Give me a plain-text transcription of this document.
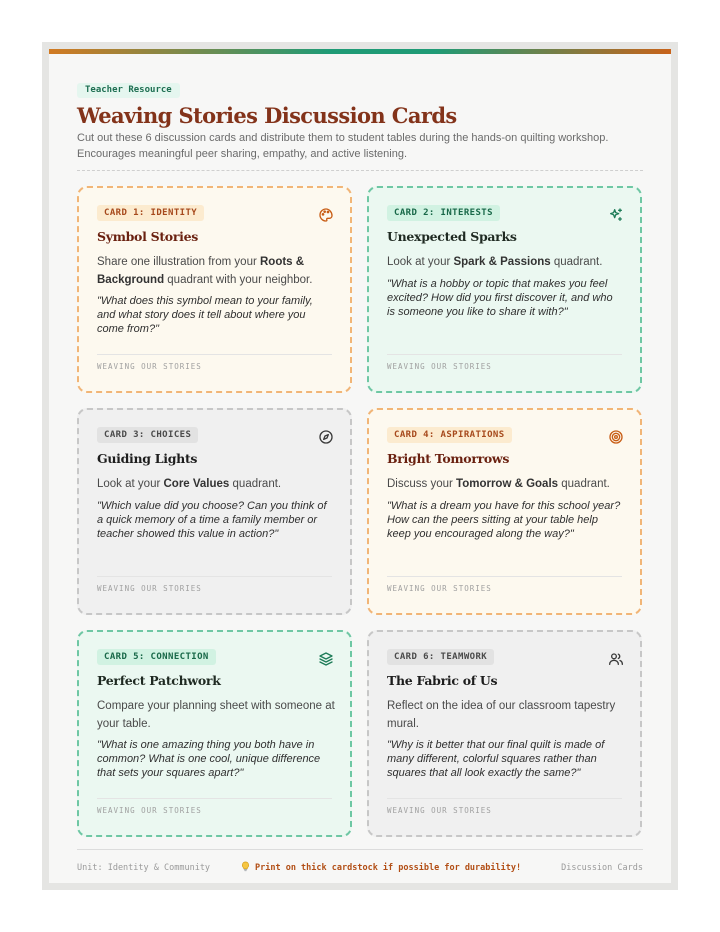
Teacher Resource
Weaving Stories Discussion Cards
Cut out these 6 discussion cards and distribute them to student tables during the hands-on quilting workshop. Encourages meaningful peer sharing, empathy, and active listening.
CARD 1: IDENTITY
Symbol Stories
Share one illustration from your Roots & Background quadrant with your neighbor.
"What does this symbol mean to your family, and what story does it tell about where you come from?"
WEAVING OUR STORIES
CARD 2: INTERESTS
Unexpected Sparks
Look at your Spark & Passions quadrant.
"What is a hobby or topic that makes you feel excited? How did you first discover it, and who is someone you like to share it with?"
WEAVING OUR STORIES
CARD 3: CHOICES
Guiding Lights
Look at your Core Values quadrant.
"Which value did you choose? Can you think of a quick memory of a time a family member or teacher showed this value in action?"
WEAVING OUR STORIES
CARD 4: ASPIRATIONS
Bright Tomorrows
Discuss your Tomorrow & Goals quadrant.
"What is a dream you have for this school year? How can the peers sitting at your table help keep you encouraged along the way?"
WEAVING OUR STORIES
CARD 5: CONNECTION
Perfect Patchwork
Compare your planning sheet with someone at your table.
"What is one amazing thing you both have in common? What is one cool, unique difference that sets your squares apart?"
WEAVING OUR STORIES
CARD 6: TEAMWORK
The Fabric of Us
Reflect on the idea of our classroom tapestry mural.
"Why is it better that our final quilt is made of many different, colorful squares rather than squares that all look exactly the same?"
WEAVING OUR STORIES
Unit: Identity & Community	Print on thick cardstock if possible for durability!	Discussion Cards
